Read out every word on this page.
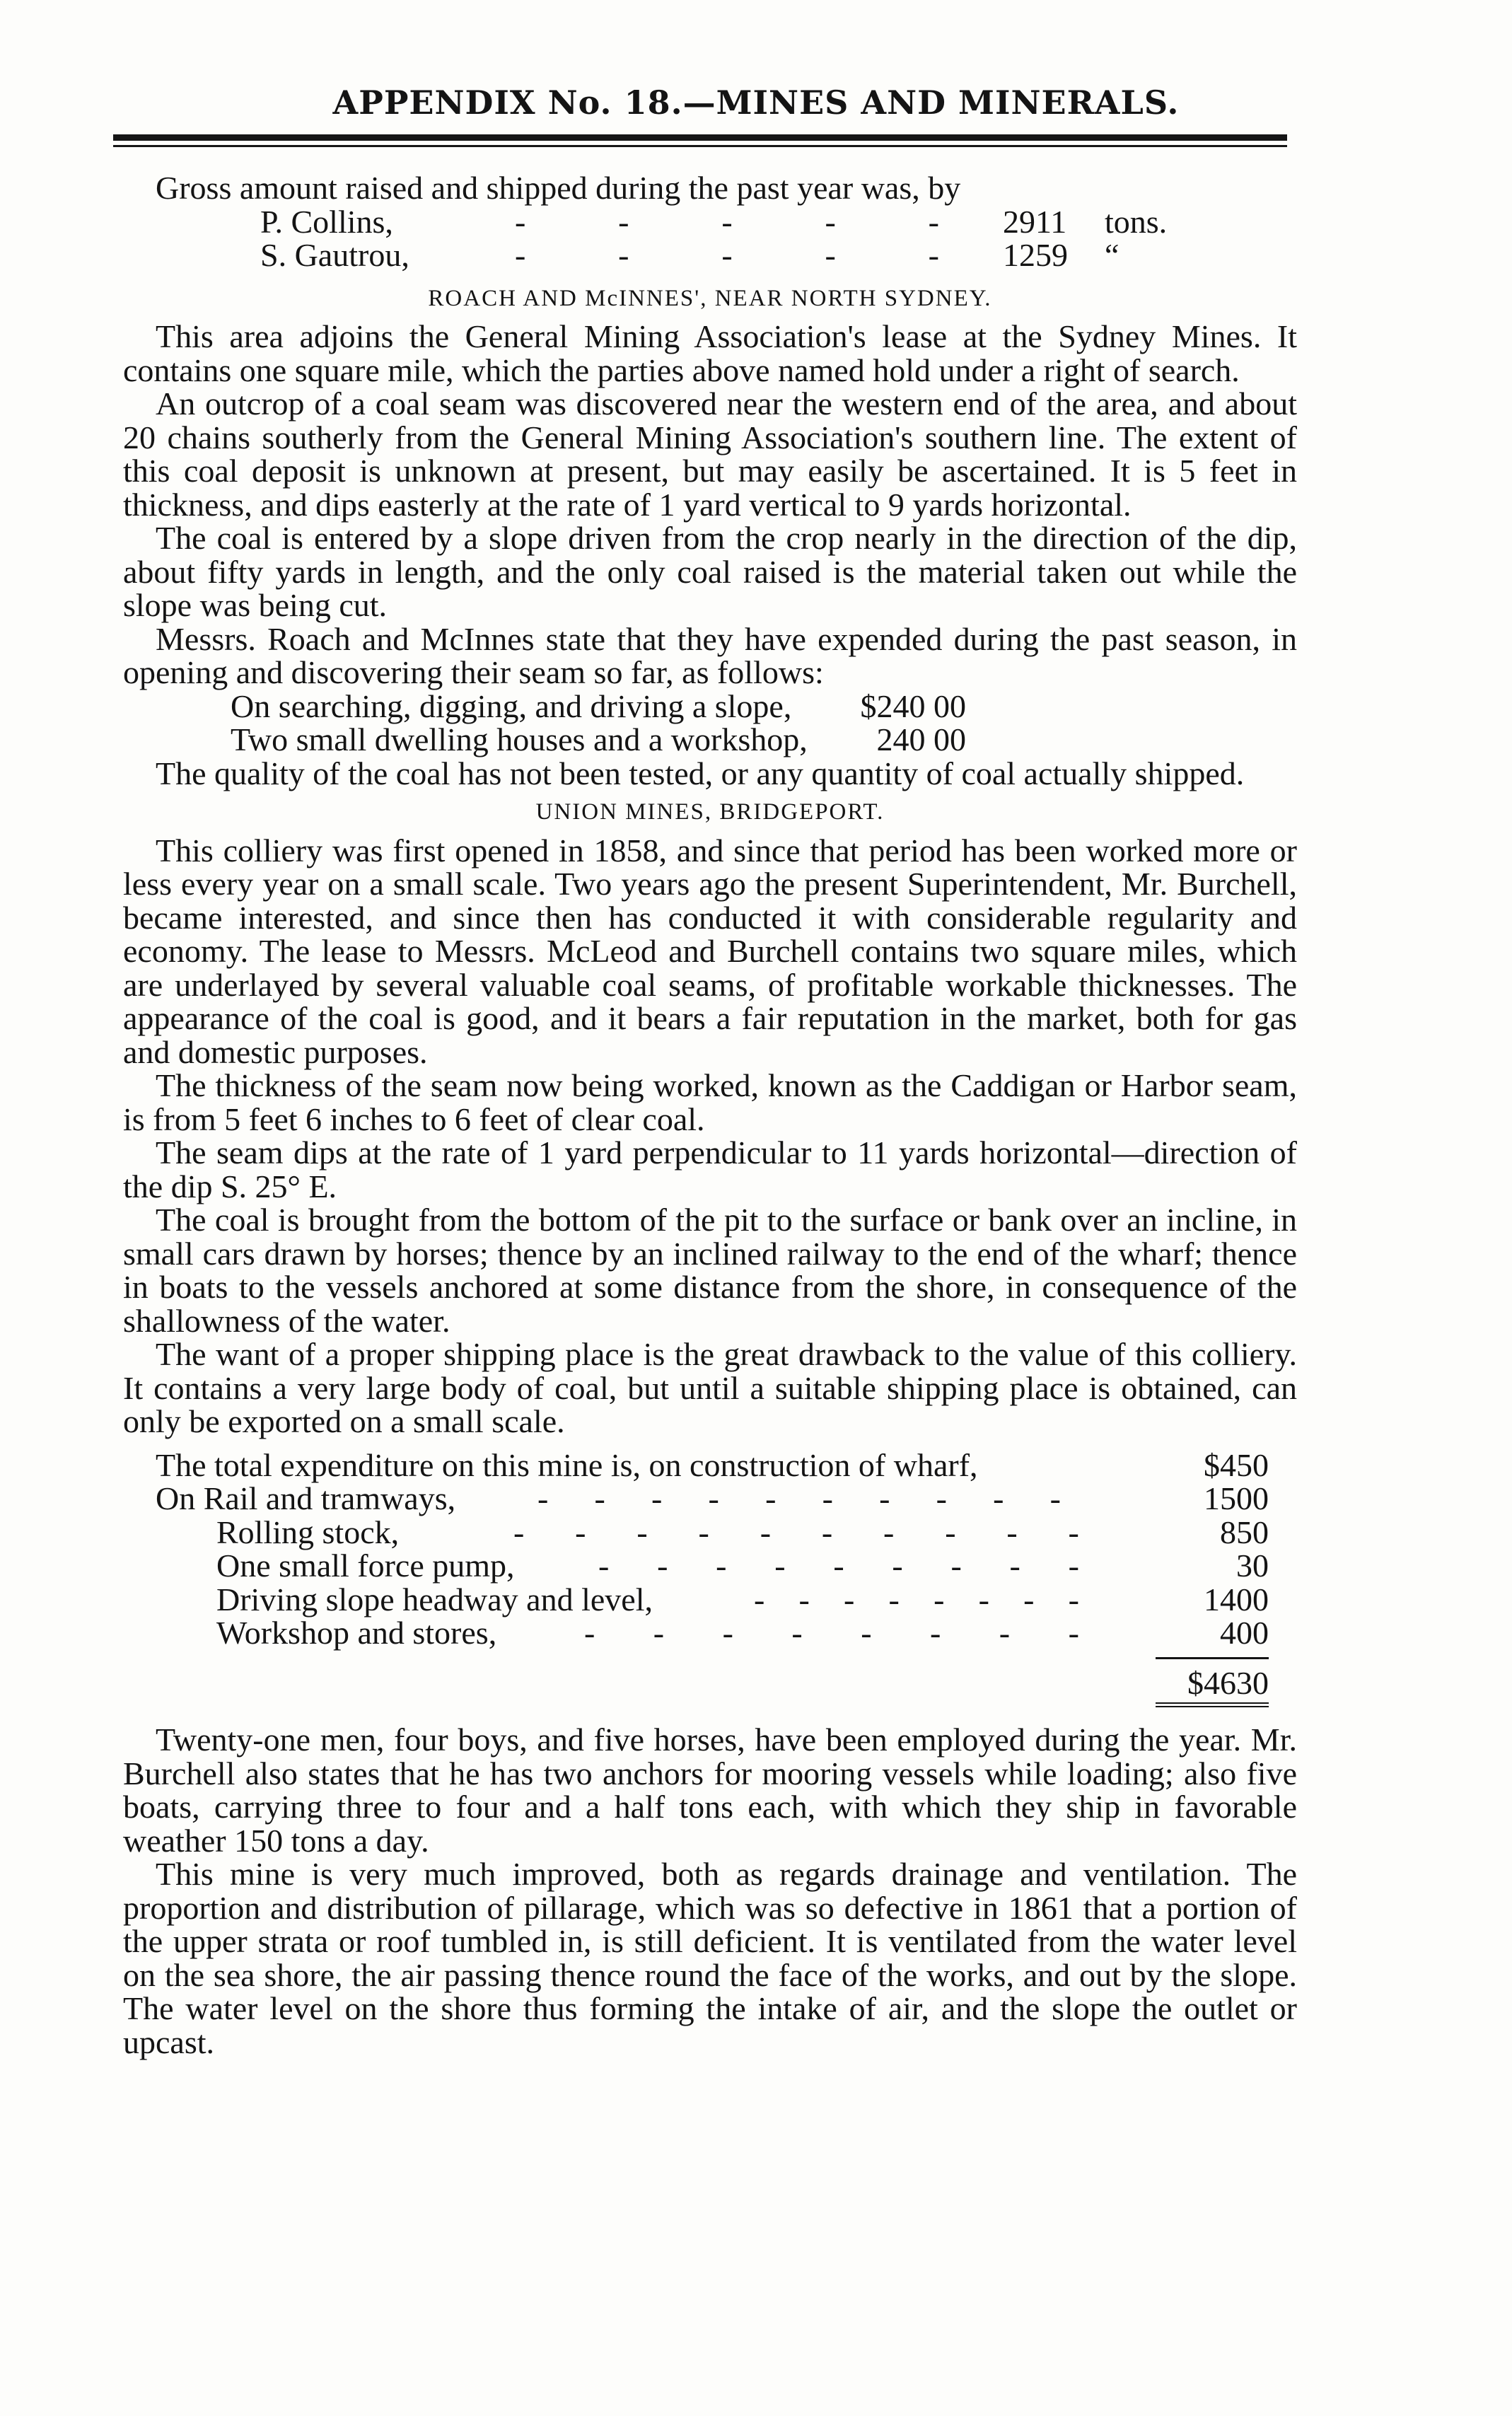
APPENDIX No. 18.—MINES AND MINERALS.

Gross amount raised and shipped during the past year was, by

P. Collins,	-	-	-	-	- 2911	tons.
S. Gautrou,	-	-	-	-	- 1259	“
ROACH AND McINNES', NEAR NORTH SYDNEY.

This area adjoins the General Mining Association's lease at the Sydney Mines. It contains one square mile, which the parties above named hold under a right of search.

An outcrop of a coal seam was discovered near the western end of the area, and about 20 chains southerly from the General Mining Association's southern line. The extent of this coal deposit is unknown at present, but may easily be ascertained. It is 5 feet in thickness, and dips easterly at the rate of 1 yard vertical to 9 yards horizontal.

The coal is entered by a slope driven from the crop nearly in the direction of the dip, about fifty yards in length, and the only coal raised is the material taken out while the slope was being cut.

Messrs. Roach and McInnes state that they have expended during the past season, in opening and discovering their seam so far, as follows:

On searching, digging, and driving a slope,	$240 00
Two small dwelling houses and a workshop,	240 00

The quality of the coal has not been tested, or any quantity of coal actually shipped.

UNION MINES, BRIDGEPORT.

This colliery was first opened in 1858, and since that period has been worked more or less every year on a small scale. Two years ago the present Superintendent, Mr. Burchell, became interested, and since then has conducted it with considerable regularity and economy. The lease to Messrs. McLeod and Burchell contains two square miles, which are underlayed by several valuable coal seams, of profitable workable thicknesses. The appearance of the coal is good, and it bears a fair reputation in the market, both for gas and domestic purposes.

The thickness of the seam now being worked, known as the Caddigan or Harbor seam, is from 5 feet 6 inches to 6 feet of clear coal.

The seam dips at the rate of 1 yard perpendicular to 11 yards horizontal—direction of the dip S. 25° E.

The coal is brought from the bottom of the pit to the surface or bank over an incline, in small cars drawn by horses; thence by an inclined railway to the end of the wharf; thence in boats to the vessels anchored at some distance from the shore, in consequence of the shallowness of the water.

The want of a proper shipping place is the great drawback to the value of this colliery. It contains a very large body of coal, but until a suitable shipping place is obtained, can only be exported on a small scale.

The total expenditure on this mine is, on construction of wharf,	$450
On Rail and tramways,	- - - - - - - - - -	1500
Rolling stock,	- - - - - - - - - -	850
One small force pump,	- - - - - - - - -	30
Driving slope headway and level,	- - - - - - - -	1400
Workshop and stores,	- - - - - - - -	400
$4630

Twenty-one men, four boys, and five horses, have been employed during the year. Mr. Burchell also states that he has two anchors for mooring vessels while loading; also five boats, carrying three to four and a half tons each, with which they ship in favorable weather 150 tons a day.

This mine is very much improved, both as regards drainage and ventilation. The proportion and distribution of pillarage, which was so defective in 1861 that a portion of the upper strata or roof tumbled in, is still deficient. It is ventilated from the water level on the sea shore, the air passing thence round the face of the works, and out by the slope. The water level on the shore thus forming the intake of air, and the slope the outlet or upcast.
